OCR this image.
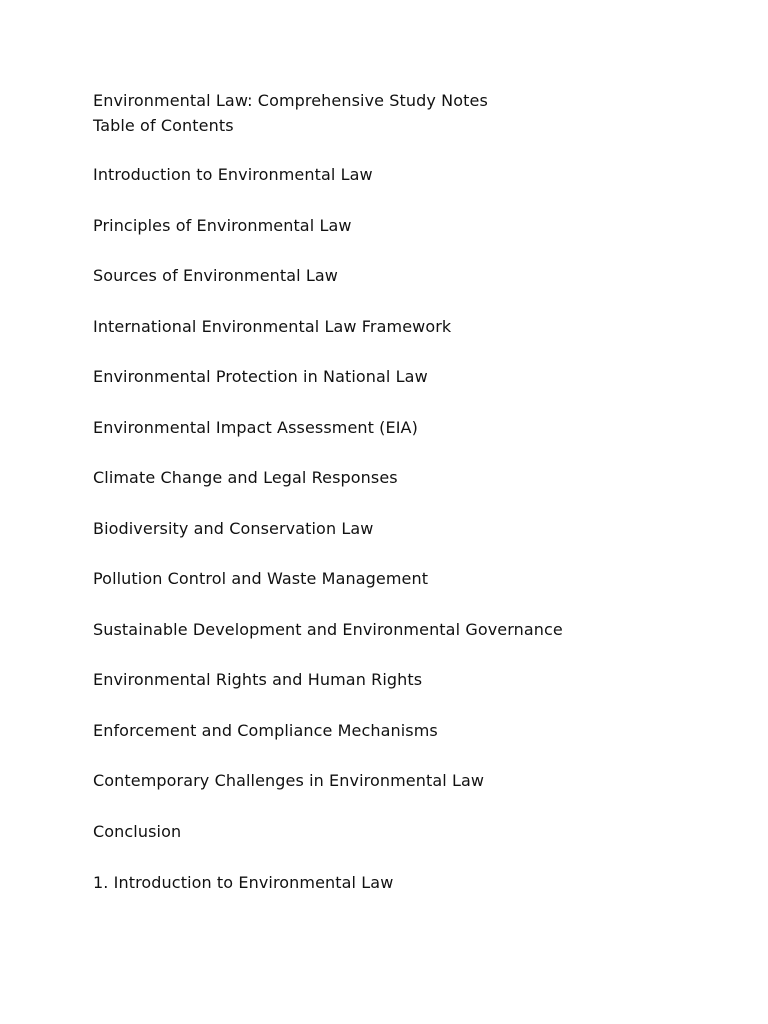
Environmental Law: Comprehensive Study Notes
Table of Contents
Introduction to Environmental Law
Principles of Environmental Law
Sources of Environmental Law
International Environmental Law Framework
Environmental Protection in National Law
Environmental Impact Assessment (EIA)
Climate Change and Legal Responses
Biodiversity and Conservation Law
Pollution Control and Waste Management
Sustainable Development and Environmental Governance
Environmental Rights and Human Rights
Enforcement and Compliance Mechanisms
Contemporary Challenges in Environmental Law
Conclusion
1. Introduction to Environmental Law
